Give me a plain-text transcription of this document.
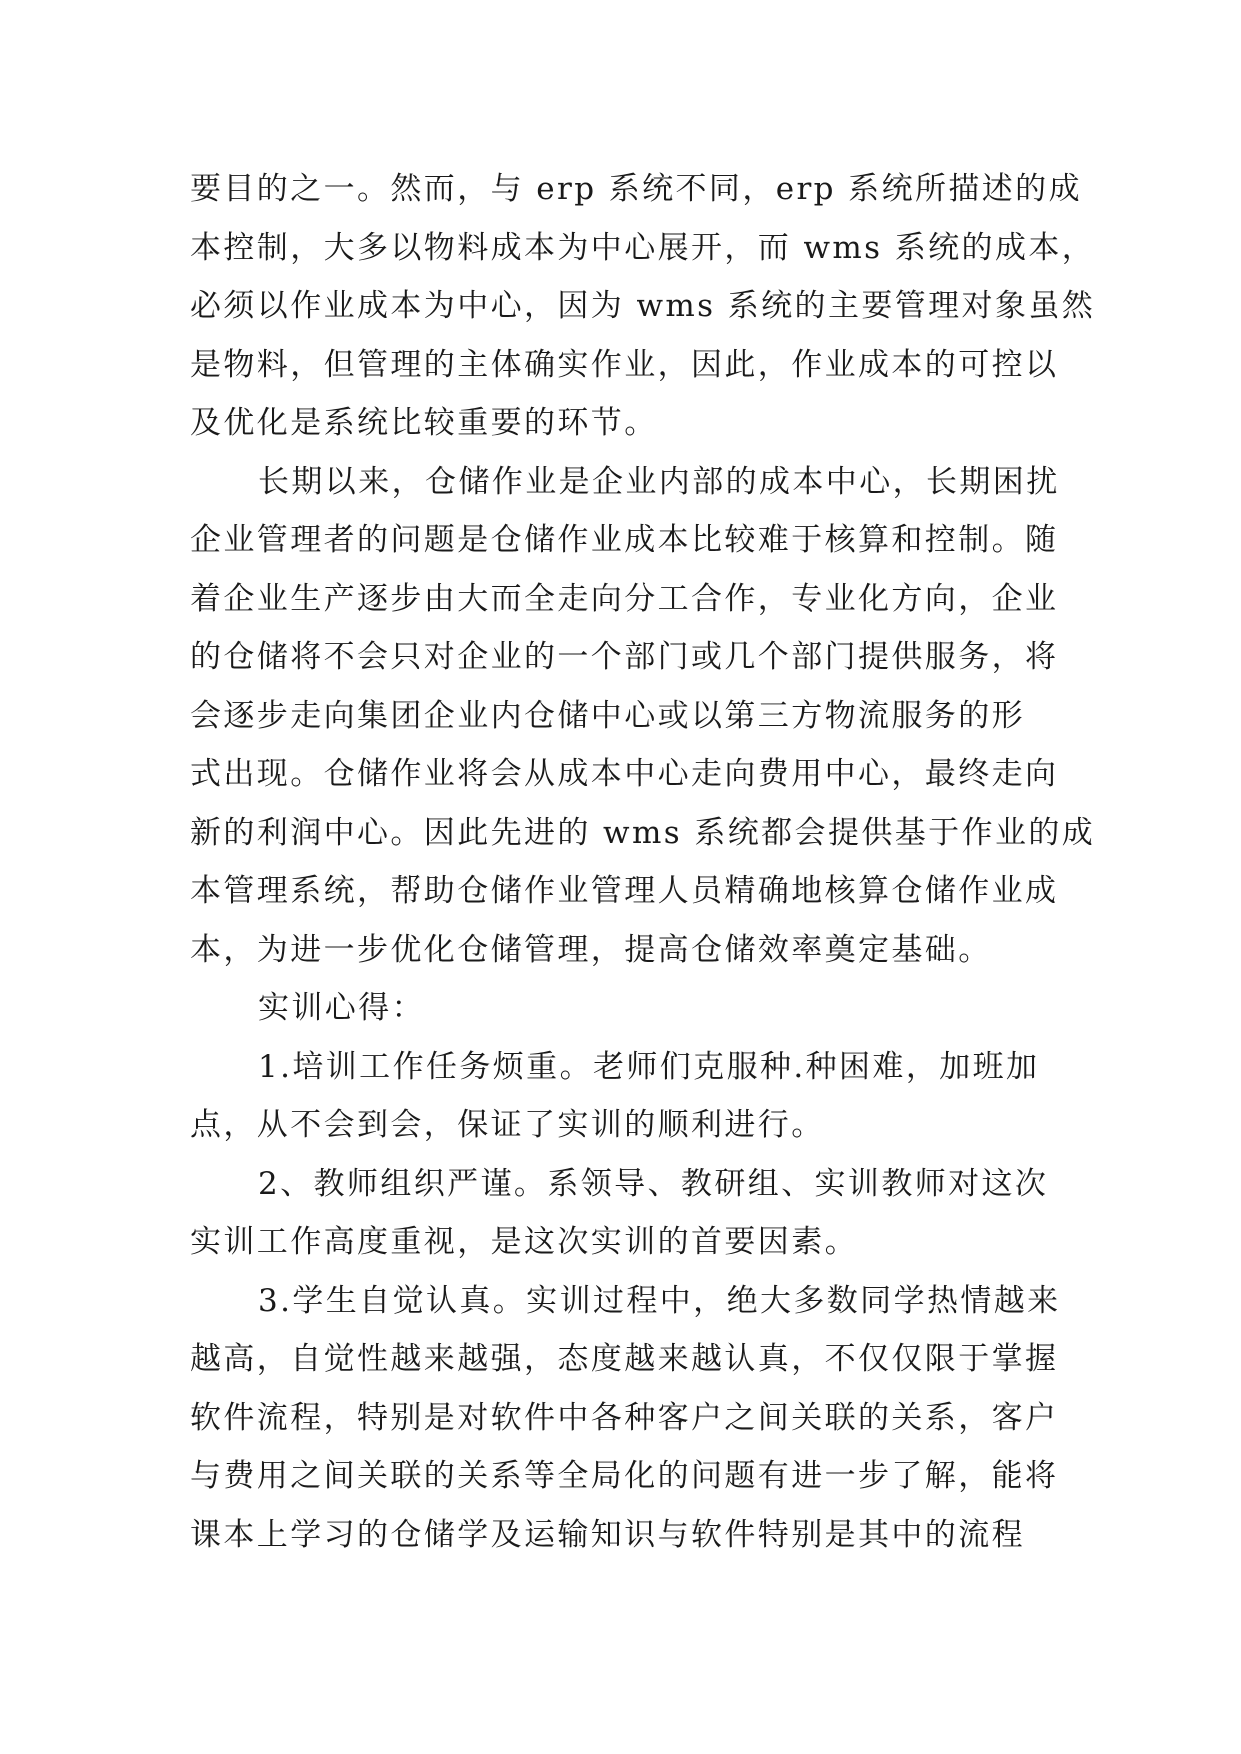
要目的之一。然而，与 erp 系统不同，erp 系统所描述的成
本控制，大多以物料成本为中心展开，而 wms 系统的成本，
必须以作业成本为中心，因为 wms 系统的主要管理对象虽然
是物料，但管理的主体确实作业，因此，作业成本的可控以
及优化是系统比较重要的环节。
长期以来，仓储作业是企业内部的成本中心，长期困扰
企业管理者的问题是仓储作业成本比较难于核算和控制。随
着企业生产逐步由大而全走向分工合作，专业化方向，企业
的仓储将不会只对企业的一个部门或几个部门提供服务，将
会逐步走向集团企业内仓储中心或以第三方物流服务的形
式出现。仓储作业将会从成本中心走向费用中心，最终走向
新的利润中心。因此先进的 wms 系统都会提供基于作业的成
本管理系统，帮助仓储作业管理人员精确地核算仓储作业成
本，为进一步优化仓储管理，提高仓储效率奠定基础。
实训心得：
1.培训工作任务烦重。老师们克服种.种困难，加班加
点，从不会到会，保证了实训的顺利进行。
2、教师组织严谨。系领导、教研组、实训教师对这次
实训工作高度重视，是这次实训的首要因素。
3.学生自觉认真。实训过程中，绝大多数同学热情越来
越高，自觉性越来越强，态度越来越认真，不仅仅限于掌握
软件流程，特别是对软件中各种客户之间关联的关系，客户
与费用之间关联的关系等全局化的问题有进一步了解，能将
课本上学习的仓储学及运输知识与软件特别是其中的流程
